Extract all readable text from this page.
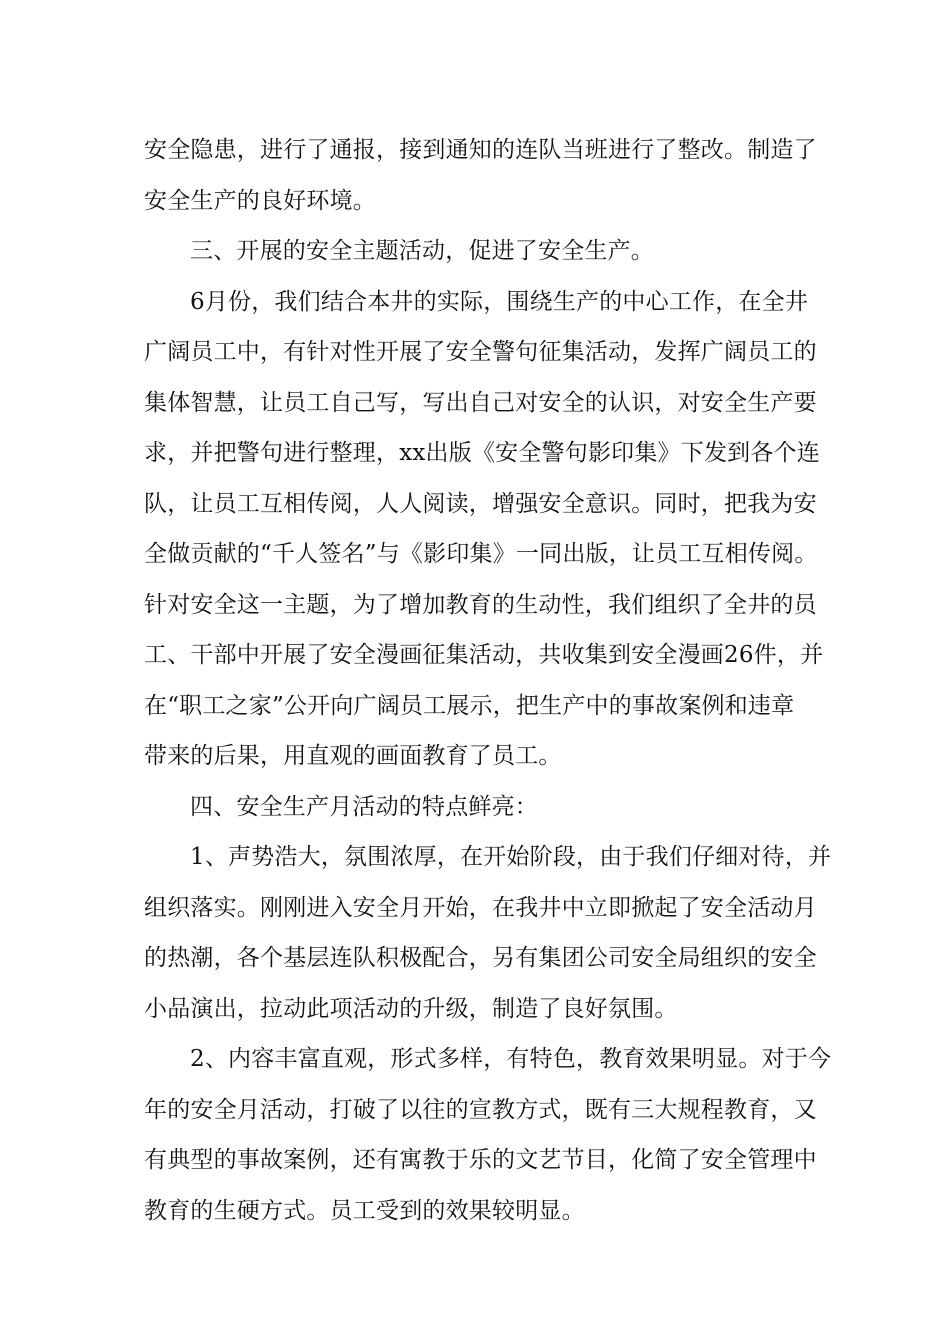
安全隐患，进行了通报，接到通知的连队当班进行了整改。制造了
安全生产的良好环境。
三、开展的安全主题活动，促进了安全生产。
6月份，我们结合本井的实际，围绕生产的中心工作，在全井
广阔员工中，有针对性开展了安全警句征集活动，发挥广阔员工的
集体智慧，让员工自己写，写出自己对安全的认识，对安全生产要
求，并把警句进行整理，xx出版《安全警句影印集》下发到各个连
队，让员工互相传阅，人人阅读，增强安全意识。同时，把我为安
全做贡献的“千人签名”与《影印集》一同出版，让员工互相传阅。
针对安全这一主题，为了增加教育的生动性，我们组织了全井的员
工、干部中开展了安全漫画征集活动，共收集到安全漫画26件，并
在“职工之家”公开向广阔员工展示，把生产中的事故案例和违章
带来的后果，用直观的画面教育了员工。
四、安全生产月活动的特点鲜亮：
1、声势浩大，氛围浓厚，在开始阶段，由于我们仔细对待，并
组织落实。刚刚进入安全月开始，在我井中立即掀起了安全活动月
的热潮，各个基层连队积极配合，另有集团公司安全局组织的安全
小品演出，拉动此项活动的升级，制造了良好氛围。
2、内容丰富直观，形式多样，有特色，教育效果明显。对于今
年的安全月活动，打破了以往的宣教方式，既有三大规程教育，又
有典型的事故案例，还有寓教于乐的文艺节目，化简了安全管理中
教育的生硬方式。员工受到的效果较明显。
